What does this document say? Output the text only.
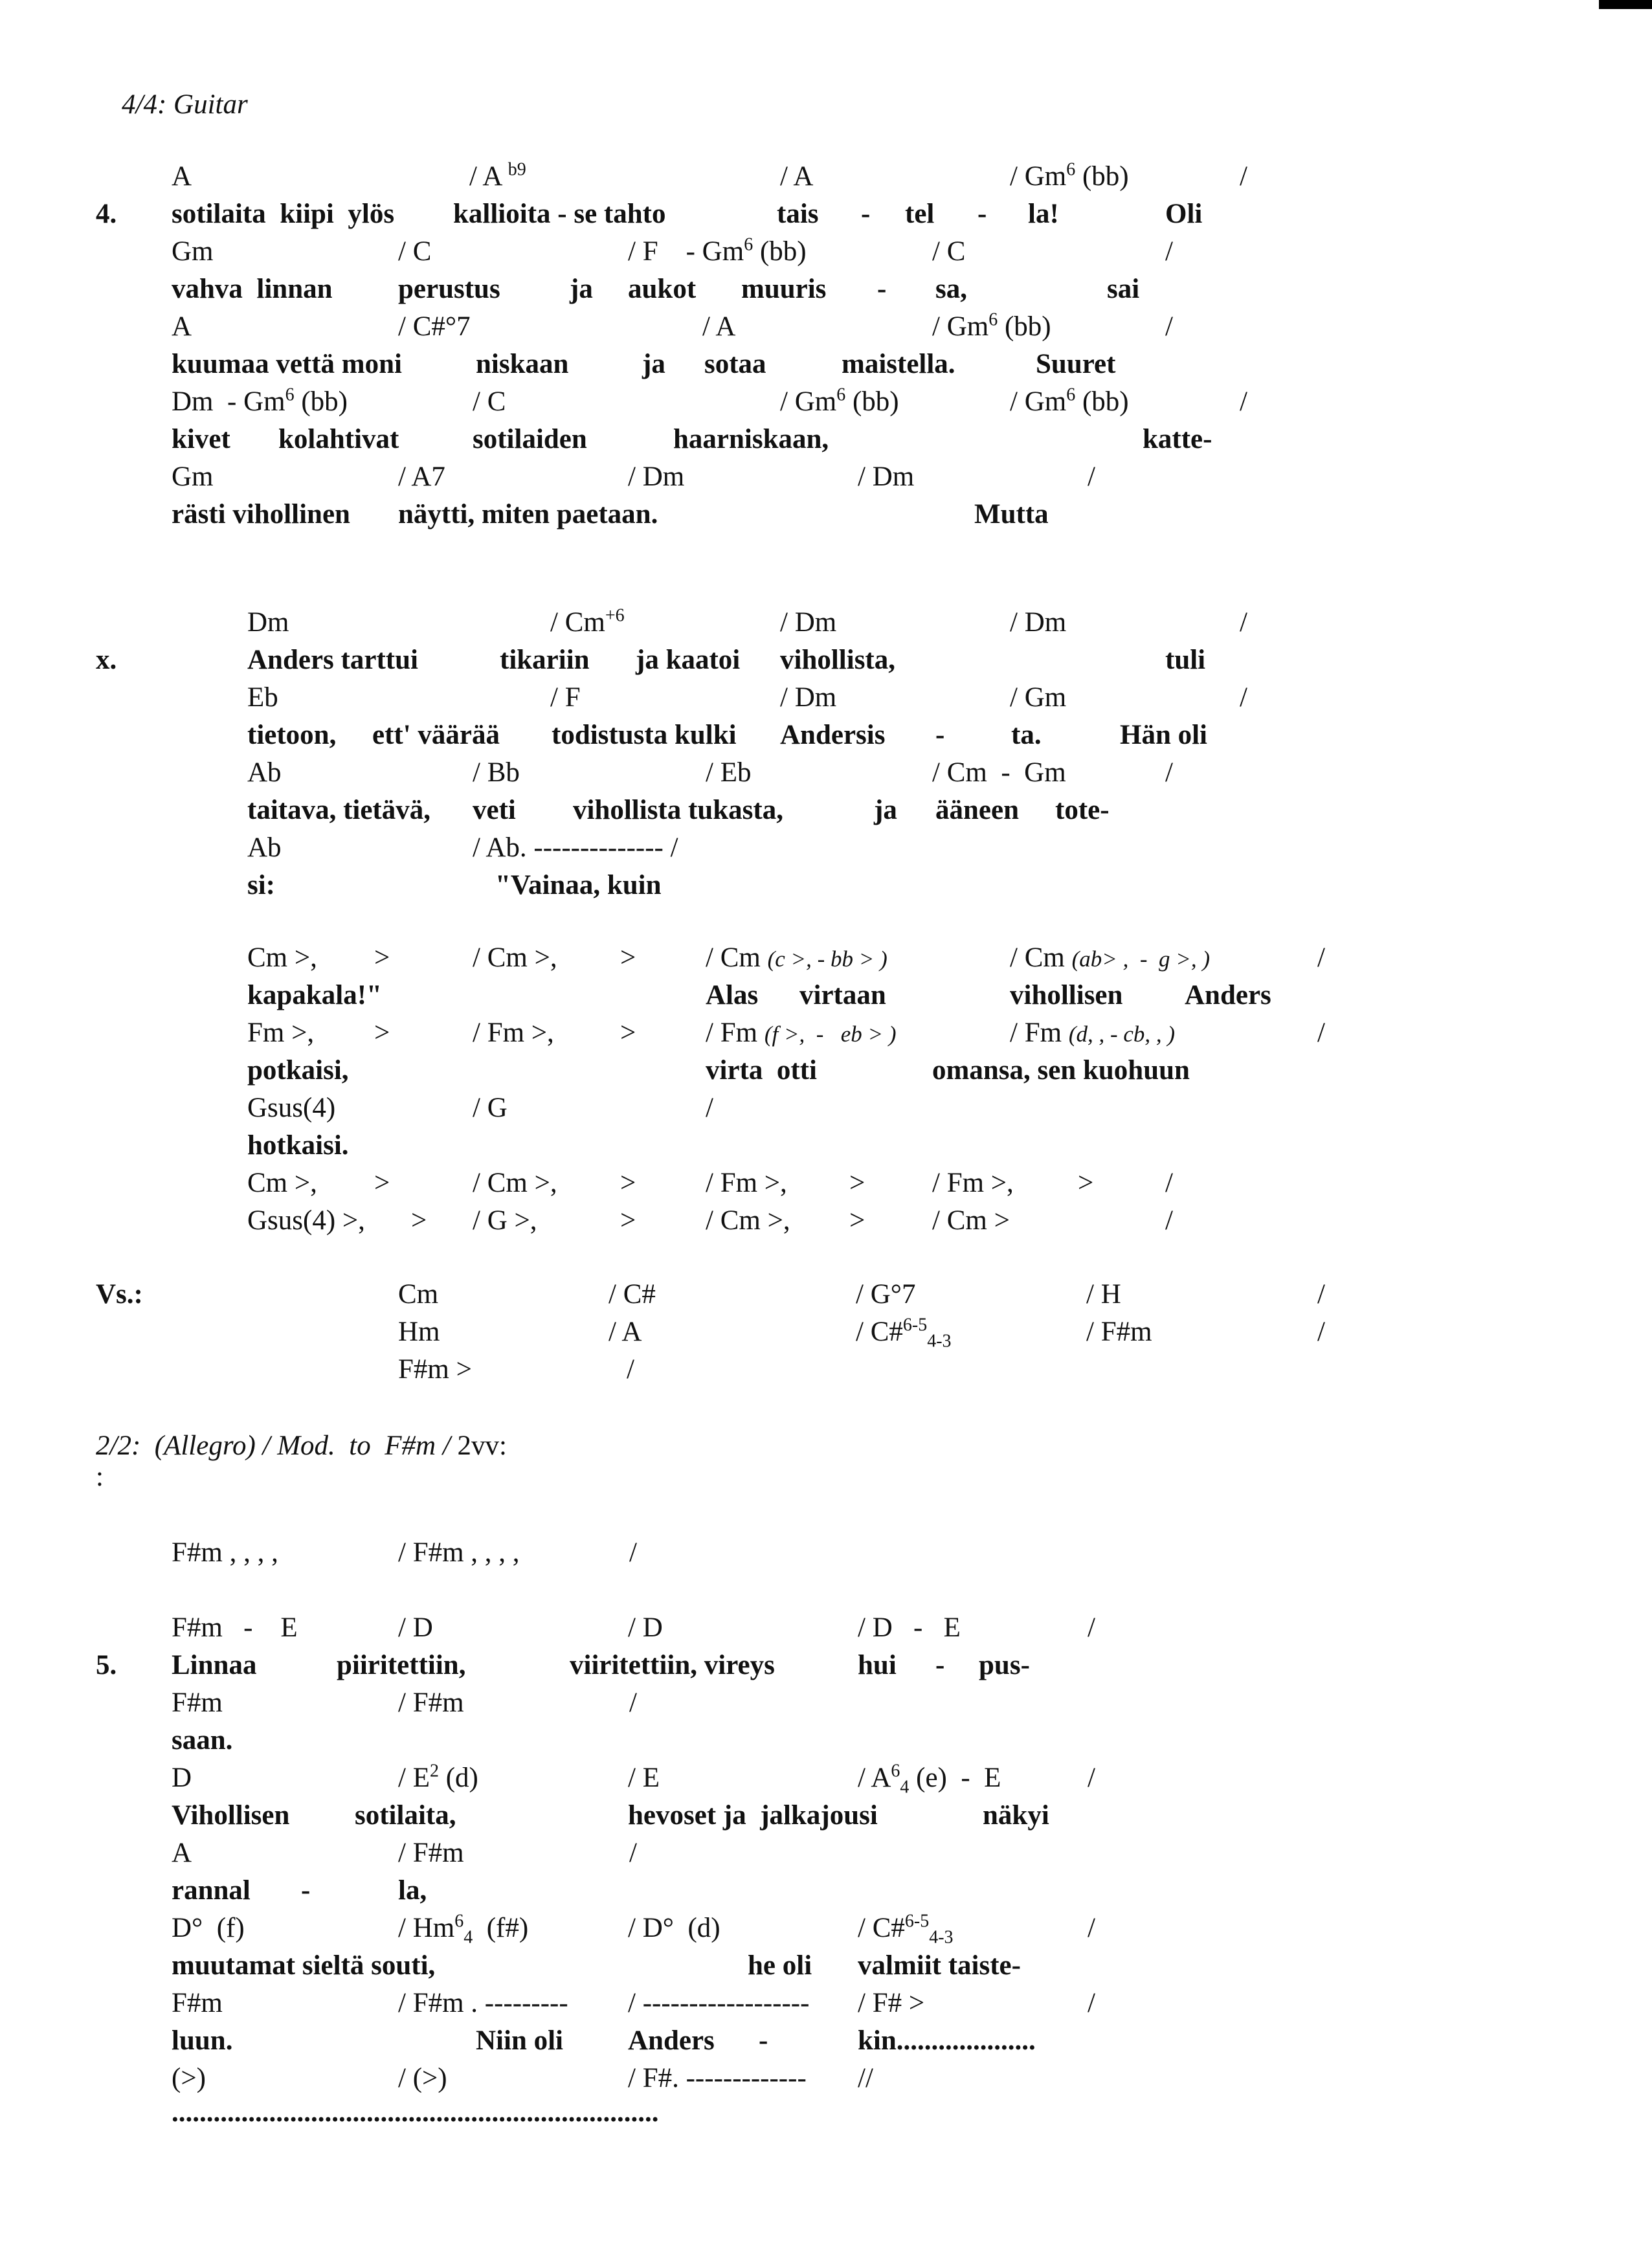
4/4: Guitar
A	/ A $^{b9}$	/ A	/ Gm$^6$ (bb)	/
4. sotilaita  kiipi  ylös kallioita - se tahto	tais - tel - la!	Oli
Gm	/ C	/ F    - Gm$^6$ (bb)	/ C	/
vahva  linnan perustus ja aukot muuris - sa,	sai
A	/ C#°7	/ A	/ Gm$^6$ (bb)	/
kuumaa vettä moni	niskaan	ja sotaa	maistella.	Suuret
Dm  - Gm$^6$ (bb)	/ C	/ Gm$^6$ (bb)	/ Gm$^6$ (bb)	/
kivet kolahtivat	sotilaiden	haarniskaan,	katte-
Gm	/ A7	/ Dm	/ Dm	/
rästi vihollinen näytti, miten paetaan.	Mutta
Dm	/ $Cm^{+6}$	/ Dm	/ Dm	/
x.	Anders tarttui	tikariin ja kaatoi vihollista,	tuli
Eb	/ F	/ Dm	/ Gm	/
tietoon, ett' väärää todistusta kulki Andersis - ta.	Hän oli
Ab	/ Bb	/ Eb	/ Cm  -  Gm	/
taitava, tietävä, veti vihollista tukasta,	ja ääneen tote-
Ab	/ Ab. -------------- /
si:	"Vainaa, kuin
Cm >, >	/ Cm >, >	/ Cm (c >, - bb > )	/ Cm (ab> ,  -  g >, )	/
kapakala!"	Alas virtaan	vihollisen Anders
Fm >, >	/ Fm >, >	/ Fm (f >,  -   eb > )	/ Fm (d, , - cb, , )	/
potkaisi,	virta  otti	omansa, sen kuohuun
Gsus(4)	/ G	/
hotkaisi.
Cm >, >	/ Cm >, >	/ Fm >, > / Fm >, >	/
Gsus(4) >, > / G >,	>	/ Cm >, > / Cm >	/
Vs.:	Cm	/ C#	/ G°7	/ H	/
Hm	/ A	/ C#$^{6-5}_{4-3}$	/ F#m	/
F#m >	/
2/2:  (Allegro) / Mod.  to  F#m / 2vv:
:
F#m , , , ,	/ F#m , , , ,	/
F#m   -    E	/ D	/ D	/ D   -   E	/
5. Linnaa	piiritettiin,	viiritettiin, vireys	hui - pus-
F#m	/ F#m	/
saan.
D	/ $E^2$ (d)	/ E	/ $A^6_4$ (e)  -  E	/
Vihollisen sotilaita,	hevoset ja  jalkajousi	näkyi
A	/ F#m	/
rannal -	la,
D°  (f)	/ $Hm^6_4$  (f#)	/ D°  (d)	/ C#$^{6-5}_{4-3}$	/
muutamat sieltä souti,	he oli valmiit taiste-
F#m	/ F#m . --------- / ------------------ / F# >	/
luun.	Niin oli Anders -	kin....................
(>)	/ (>)	/ F#. ------------- //
......................................................................
